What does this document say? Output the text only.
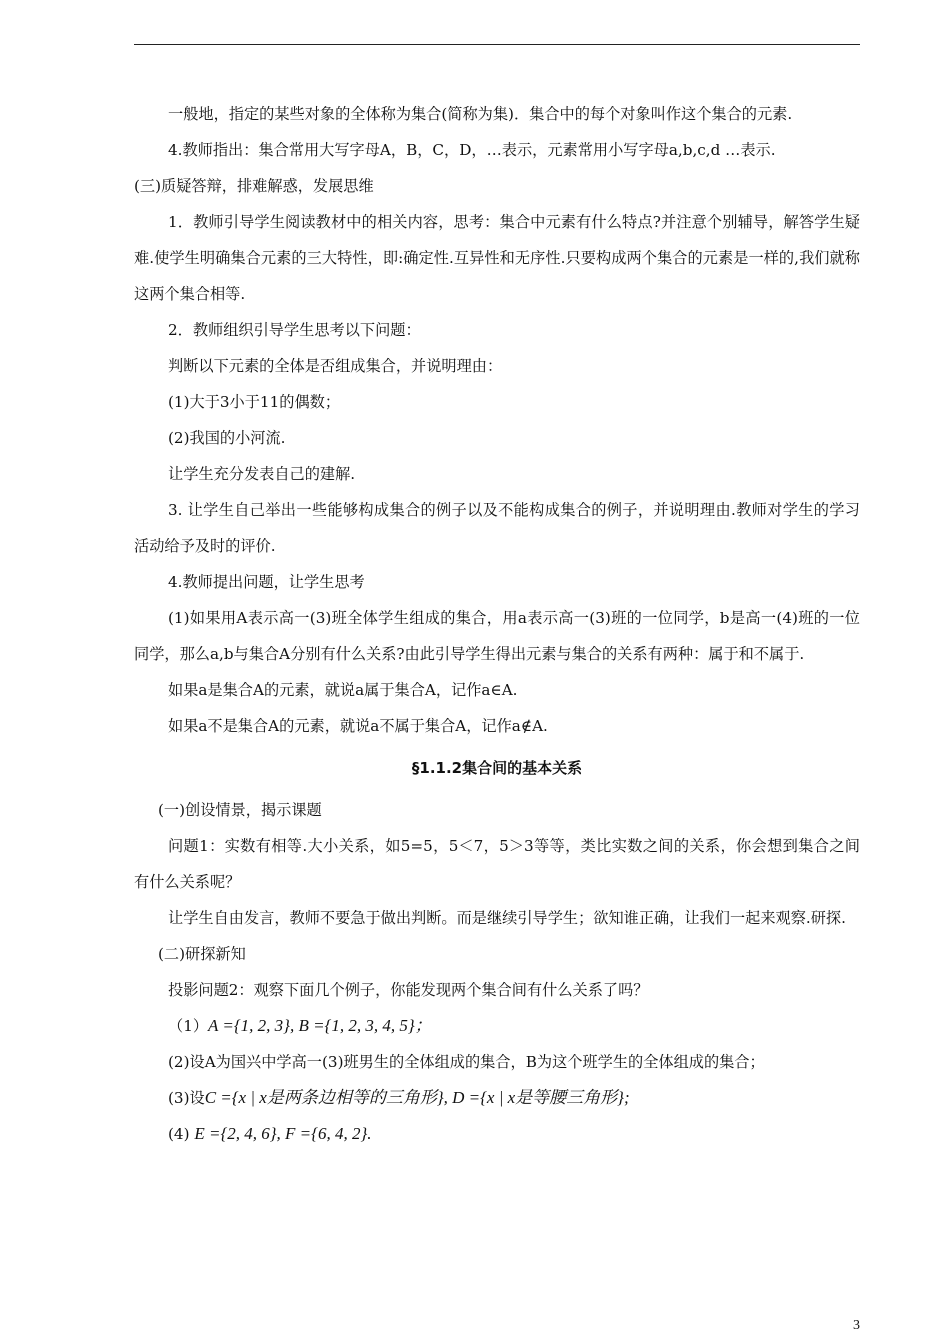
一般地，指定的某些对象的全体称为集合(简称为集)．集合中的每个对象叫作这个集合的元素.

4.教师指出：集合常用大写字母A，B，C，D，…表示，元素常用小写字母a,b,c,d …表示.

(三)质疑答辩，排难解惑，发展思维

1．教师引导学生阅读教材中的相关内容，思考：集合中元素有什么特点?并注意个别辅导，解答学生疑难.使学生明确集合元素的三大特性，即:确定性.互异性和无序性.只要构成两个集合的元素是一样的,我们就称这两个集合相等.

2．教师组织引导学生思考以下问题：

判断以下元素的全体是否组成集合，并说明理由：

(1)大于3小于11的偶数；

(2)我国的小河流.

让学生充分发表自己的建解.

3. 让学生自己举出一些能够构成集合的例子以及不能构成集合的例子，并说明理由.教师对学生的学习活动给予及时的评价.

4.教师提出问题，让学生思考

(1)如果用A表示高一(3)班全体学生组成的集合，用a表示高一(3)班的一位同学，b是高一(4)班的一位同学，那么a,b与集合A分别有什么关系?由此引导学生得出元素与集合的关系有两种：属于和不属于.

如果a是集合A的元素，就说a属于集合A，记作a∈A.

如果a不是集合A的元素，就说a不属于集合A，记作a∉A.

§1.1.2集合间的基本关系

(一)创设情景，揭示课题

问题1：实数有相等.大小关系，如5=5，5＜7，5＞3等等，类比实数之间的关系，你会想到集合之间有什么关系呢？

让学生自由发言，教师不要急于做出判断。而是继续引导学生；欲知谁正确，让我们一起来观察.研探.

(二)研探新知

投影问题2：观察下面几个例子，你能发现两个集合间有什么关系了吗？

（1）A ={1, 2, 3}, B ={1, 2, 3, 4, 5}；

(2)设A为国兴中学高一(3)班男生的全体组成的集合，B为这个班学生的全体组成的集合；

(3)设C ={x | x是两条边相等的三角形}, D ={x | x是等腰三角形};

(4) E ={2, 4, 6}, F ={6, 4, 2}.

3
